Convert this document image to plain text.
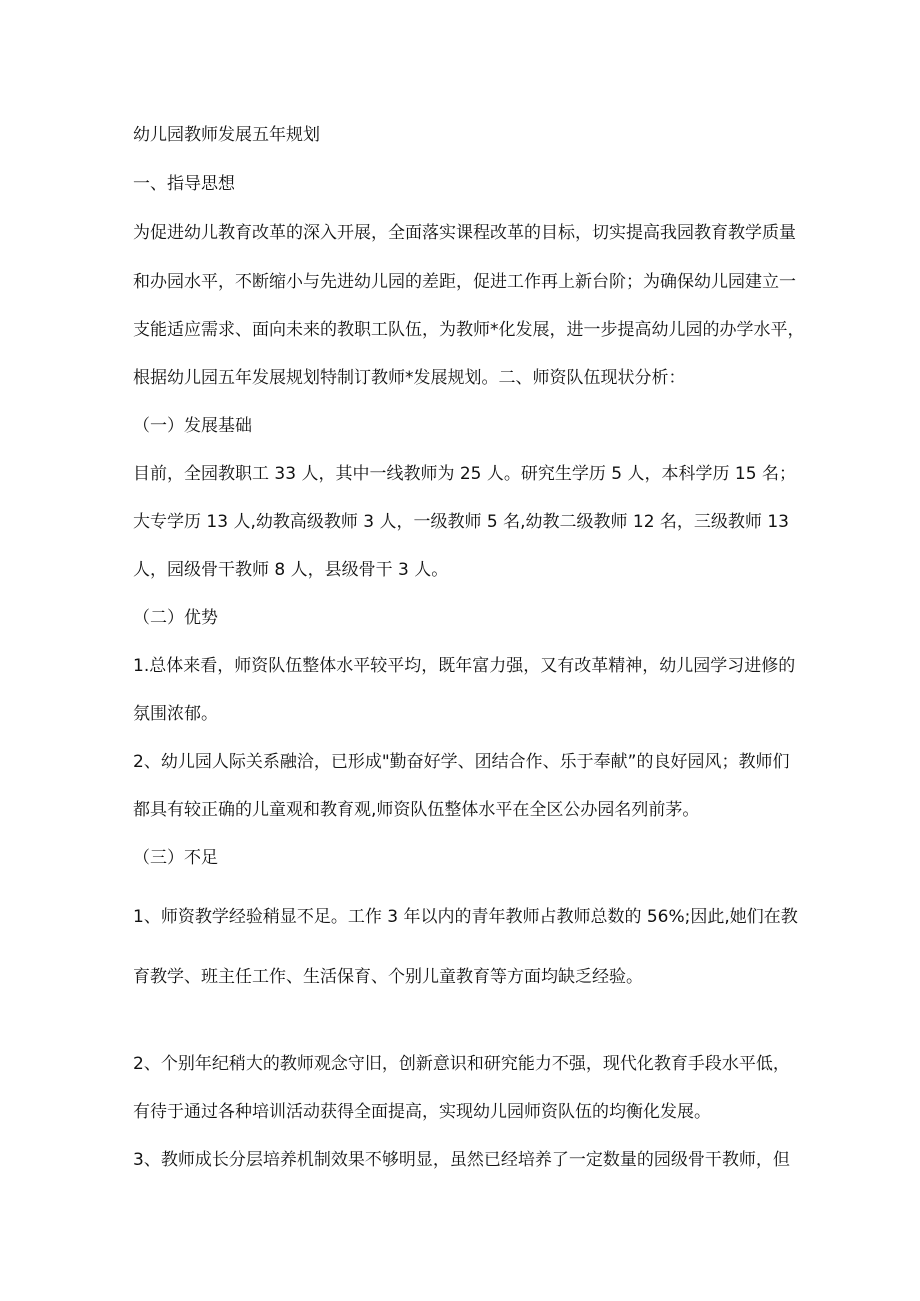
幼儿园教师发展五年规划

一、指导思想

为促进幼儿教育改革的深入开展，全面落实课程改革的目标，切实提高我园教育教学质量

和办园水平，不断缩小与先进幼儿园的差距，促进工作再上新台阶；为确保幼儿园建立一

支能适应需求、面向未来的教职工队伍，为教师*化发展，进一步提高幼儿园的办学水平，

根据幼儿园五年发展规划特制订教师*发展规划。二、师资队伍现状分析：

（一）发展基础

目前，全园教职工 33 人，其中一线教师为 25 人。研究生学历 5 人，本科学历 15 名；

大专学历 13 人,幼教高级教师 3 人，一级教师 5 名,幼教二级教师 12 名，三级教师 13

人，园级骨干教师 8 人，县级骨干 3 人。

（二）优势

1.总体来看，师资队伍整体水平较平均，既年富力强，又有改革精神，幼儿园学习进修的

氛围浓郁。

2、幼儿园人际关系融洽，已形成"勤奋好学、团结合作、乐于奉献”的良好园风；教师们

都具有较正确的儿童观和教育观,师资队伍整体水平在全区公办园名列前茅。

（三）不足

1、师资教学经验稍显不足。工作 3 年以内的青年教师占教师总数的 56%;因此,她们在教

育教学、班主任工作、生活保育、个别儿童教育等方面均缺乏经验。

2、个别年纪稍大的教师观念守旧，创新意识和研究能力不强，现代化教育手段水平低，

有待于通过各种培训活动获得全面提高，实现幼儿园师资队伍的均衡化发展。

3、教师成长分层培养机制效果不够明显，虽然已经培养了一定数量的园级骨干教师，但
